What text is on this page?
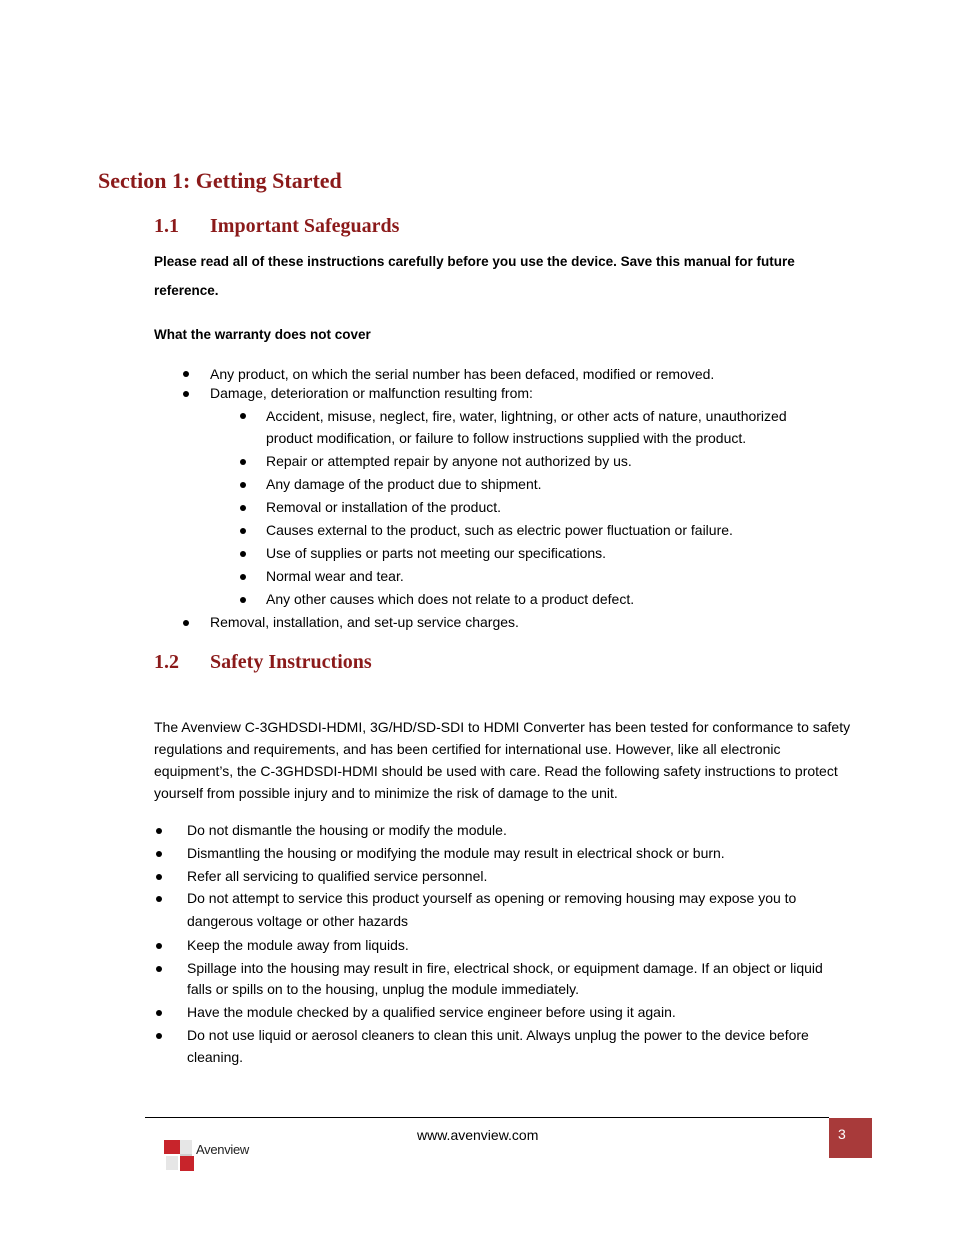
Section 1: Getting Started
1.1 Important Safeguards
Please read all of these instructions carefully before you use the device. Save this manual for future reference.
What the warranty does not cover
Any product, on which the serial number has been defaced, modified or removed.
Damage, deterioration or malfunction resulting from:
Accident, misuse, neglect, fire, water, lightning, or other acts of nature, unauthorized
product modification, or failure to follow instructions supplied with the product.
Repair or attempted repair by anyone not authorized by us.
Any damage of the product due to shipment.
Removal or installation of the product.
Causes external to the product, such as electric power fluctuation or failure.
Use of supplies or parts not meeting our specifications.
Normal wear and tear.
Any other causes which does not relate to a product defect.
Removal, installation, and set-up service charges.
1.2 Safety Instructions
The Avenview C-3GHDSDI-HDMI, 3G/HD/SD-SDI to HDMI Converter has been tested for conformance to safety regulations and requirements, and has been certified for international use. However, like all electronic equipment’s, the C-3GHDSDI-HDMI should be used with care. Read the following safety instructions to protect yourself from possible injury and to minimize the risk of damage to the unit.
Do not dismantle the housing or modify the module.
Dismantling the housing or modifying the module may result in electrical shock or burn.
Refer all servicing to qualified service personnel.
Do not attempt to service this product yourself as opening or removing housing may expose you to
dangerous voltage or other hazards
Keep the module away from liquids.
Spillage into the housing may result in fire, electrical shock, or equipment damage. If an object or liquid
falls or spills on to the housing, unplug the module immediately.
Have the module checked by a qualified service engineer before using it again.
Do not use liquid or aerosol cleaners to clean this unit. Always unplug the power to the device before
cleaning.
www.avenview.com	3
Avenview
